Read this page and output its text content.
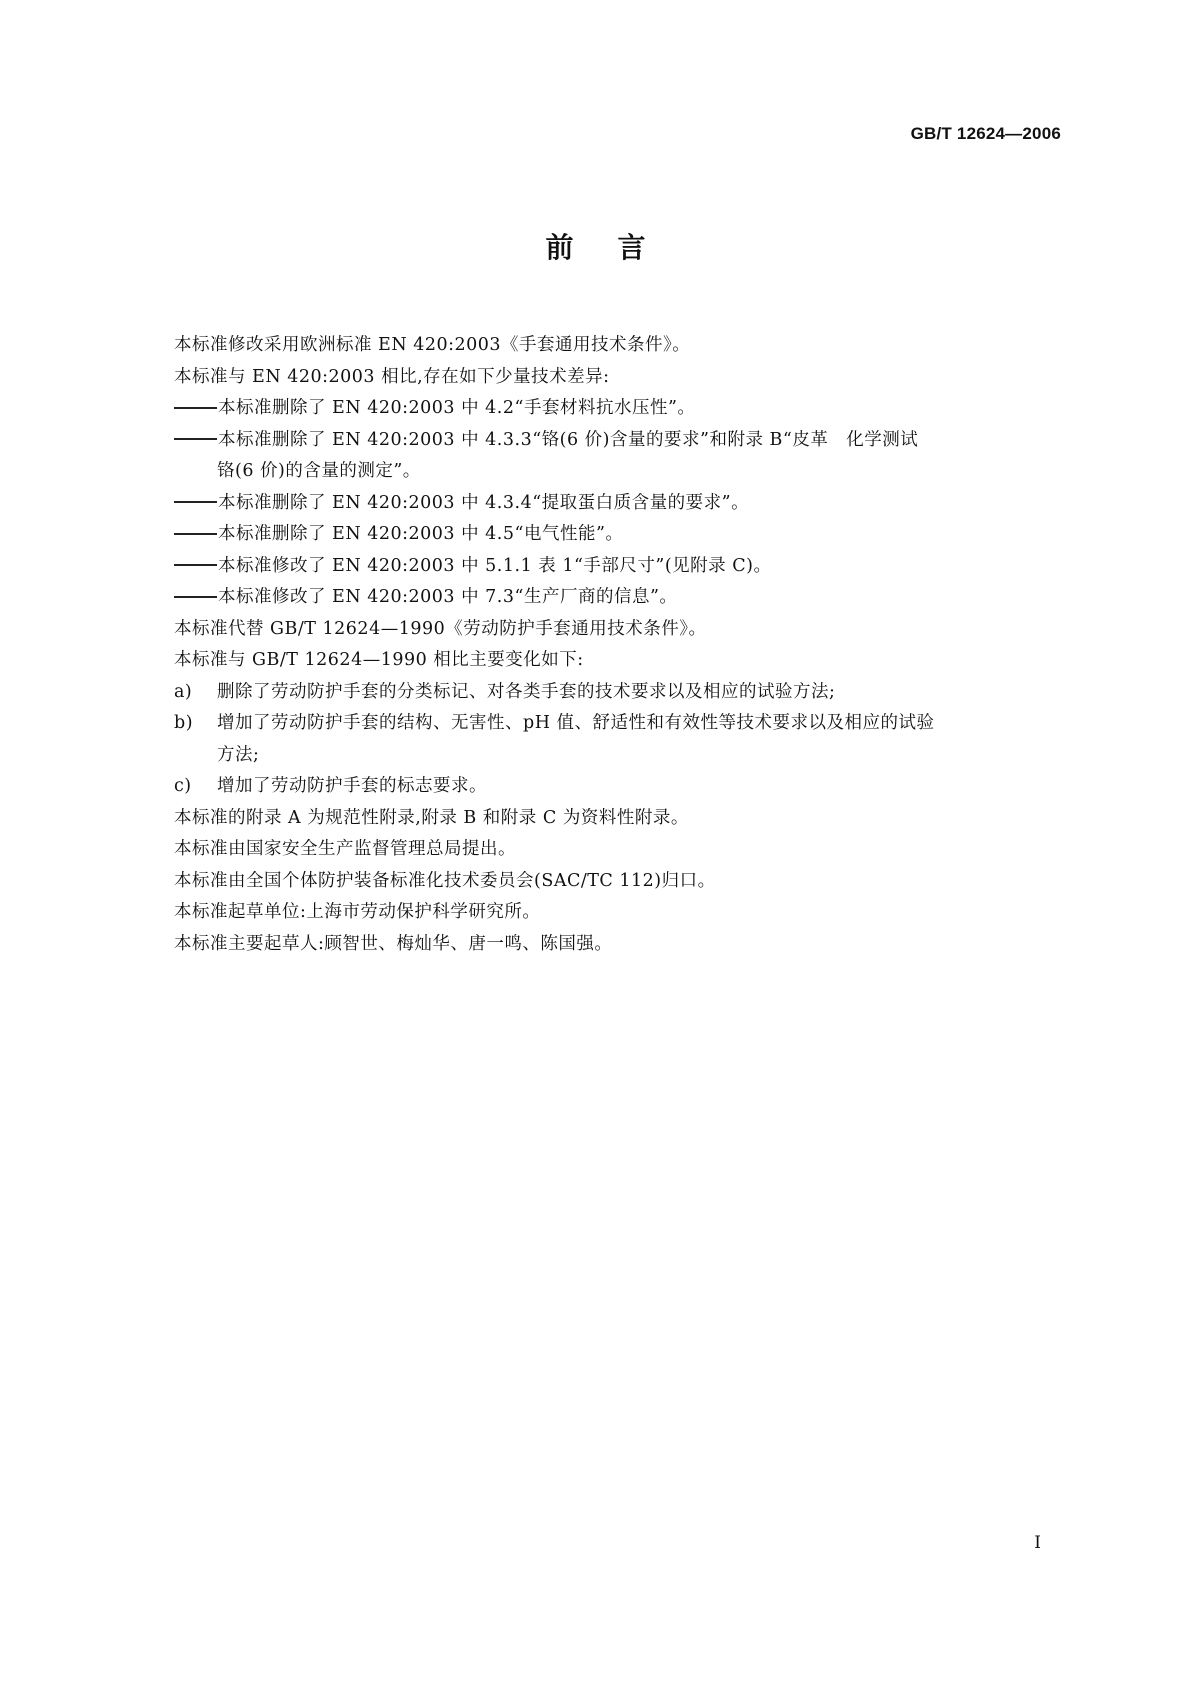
GB/T 12624—2006
前言
本标准修改采用欧洲标准 EN 420:2003《手套通用技术条件》。
本标准与 EN 420:2003 相比,存在如下少量技术差异:
本标准删除了 EN 420:2003 中 4.2“手套材料抗水压性”。
本标准删除了 EN 420:2003 中 4.3.3“铬(6 价)含量的要求”和附录 B“皮革　化学测试
铬(6 价)的含量的测定”。
本标准删除了 EN 420:2003 中 4.3.4“提取蛋白质含量的要求”。
本标准删除了 EN 420:2003 中 4.5“电气性能”。
本标准修改了 EN 420:2003 中 5.1.1 表 1“手部尺寸”(见附录 C)。
本标准修改了 EN 420:2003 中 7.3“生产厂商的信息”。
本标准代替 GB/T 12624—1990《劳动防护手套通用技术条件》。
本标准与 GB/T 12624—1990 相比主要变化如下:
a) 删除了劳动防护手套的分类标记、对各类手套的技术要求以及相应的试验方法;
b) 增加了劳动防护手套的结构、无害性、pH 值、舒适性和有效性等技术要求以及相应的试验
方法;
c) 增加了劳动防护手套的标志要求。
本标准的附录 A 为规范性附录,附录 B 和附录 C 为资料性附录。
本标准由国家安全生产监督管理总局提出。
本标准由全国个体防护装备标准化技术委员会(SAC/TC 112)归口。
本标准起草单位:上海市劳动保护科学研究所。
本标准主要起草人:顾智世、梅灿华、唐一鸣、陈国强。
I
